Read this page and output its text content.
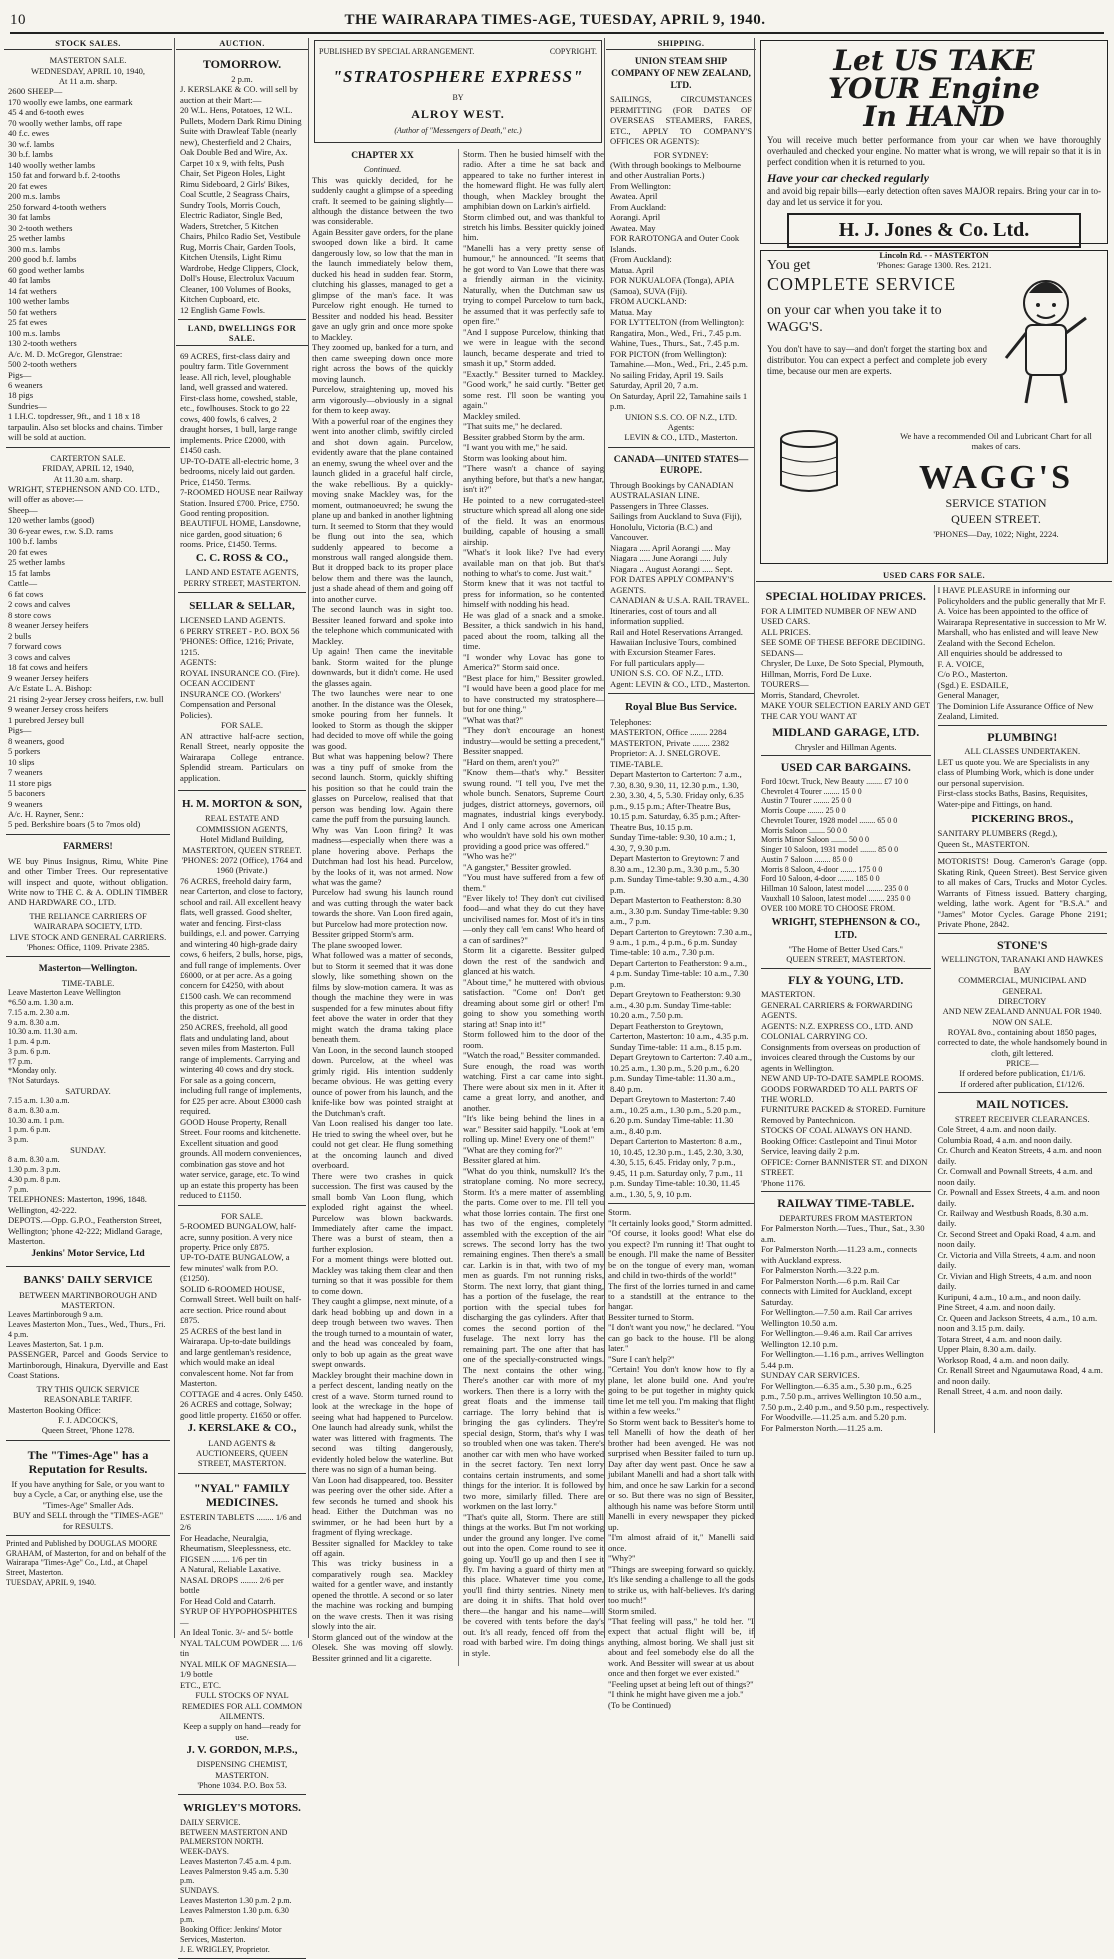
10	THE WAIRARAPA TIMES-AGE, TUESDAY, APRIL 9, 1940.
STOCK SALES.
MASTERTON SALE.
WEDNESDAY, APRIL 10, 1940,
At 11 a.m. sharp.
2600 SHEEP—
170 woolly ewe lambs, one earmark
45 4 and 6-tooth ewes
70 woolly wether lambs, off rape
40 f.c. ewes
30 w.f. lambs
30 b.f. lambs
140 woolly wether lambs
150 fat and forward b.f. 2-tooths
20 fat ewes
200 m.s. lambs
250 forward 4-tooth wethers
30 fat lambs
30 2-tooth wethers
25 wether lambs
300 m.s. lambs
200 good b.f. lambs
60 good wether lambs
40 fat lambs
14 fat wethers
100 wether lambs
50 fat wethers
25 fat ewes
100 m.s. lambs
130 2-tooth wethers
A/c. M. D. McGregor, Glenstrae:
500 2-tooth wethers
Pigs—
6 weaners
18 pigs
Sundries—
1 I.H.C. topdresser, 9ft., and 1 18 x 18 tarpaulin. Also set blocks and chains. Timber will be sold at auction.
CARTERTON SALE.
FRIDAY, APRIL 12, 1940,
At 11.30 a.m. sharp.
WRIGHT, STEPHENSON AND CO. LTD., will offer as above:—
Sheep—
120 wether lambs (good)
30 6-year ewes, r.w. S.D. rams
100 b.f. lambs
20 fat ewes
25 wether lambs
15 fat lambs
Cattle—
6 fat cows
2 cows and calves
8 store cows
8 weaner Jersey heifers
2 bulls
7 forward cows
3 cows and calves
18 fat cows and heifers
9 weaner Jersey heifers
A/c Estate L. A. Bishop:
21 rising 2-year Jersey cross heifers, r.w. bull
9 weaner Jersey cross heifers
1 purebred Jersey bull
Pigs—
8 weaners, good
5 porkers
10 slips
7 weaners
11 store pigs
5 baconers
9 weaners
A/c. H. Rayner, Senr.:
5 ped. Berkshire boars (5 to 7mos old)
FARMERS!

WE buy Pinus Insignus, Rimu, White Pine and other Timber Trees. Our representative will inspect and quote, without obligation. Write now to THE C. & A. ODLIN TIMBER AND HARDWARE CO., LTD.

THE RELIANCE CARRIERS OF WAIRARAPA SOCIETY, LTD.
LIVE STOCK AND GENERAL CARRIERS.
'Phones: Office, 1109. Private 2385.
Masterton—Wellington.
TIME-TABLE.
Leave Masterton Leave Wellington
*6.50 a.m. 1.30 a.m.
7.15 a.m. 2.30 a.m.
9 a.m. 8.30 a.m.
10.30 a.m. 11.30 a.m.
1 p.m. 4 p.m.
3 p.m. 6 p.m.
†7 p.m.
*Monday only.
†Not Saturdays.
SATURDAY.
7.15 a.m. 1.30 a.m.
8 a.m. 8.30 a.m.
10.30 a.m. 1 p.m.
1 p.m. 6 p.m.
3 p.m.
SUNDAY.
8 a.m. 8.30 a.m.
1.30 p.m. 3 p.m.
4.30 p.m. 8 p.m.
7 p.m.
TELEPHONES: Masterton, 1996, 1848. Wellington, 42-222.
DEPOTS.—Opp. G.P.O., Featherston Street, Wellington; 'phone 42-222; Midland Garage, Masterton.
Jenkins' Motor Service, Ltd
BANKS' DAILY SERVICE
BETWEEN MARTINBOROUGH AND MASTERTON.
Leaves Martinborough 9 a.m.
Leaves Masterton Mon., Tues., Wed., Thurs., Fri. 4 p.m.
Leaves Masterton, Sat. 1 p.m.

PASSENGER, Parcel and Goods Service to Martinborough, Hinakura, Dyerville and East Coast Stations.

TRY THIS QUICK SERVICE REASONABLE TARIFF.
Masterton Booking Office:
F. J. ADCOCK'S,
Queen Street, 'Phone 1278.
The "Times-Age" has a Reputation for Results.
If you have anything for Sale, or you want to buy a Cycle, a Car, or anything else, use the "Times-Age" Smaller Ads.
BUY and SELL through the "TIMES-AGE" for RESULTS.
Printed and Published by DOUGLAS MOORE GRAHAM, of Masterton, for and on behalf of the Wairarapa "Times-Age" Co., Ltd., at Chapel Street, Masterton.
TUESDAY, APRIL 9, 1940.
AUCTION.
TOMORROW.
2 p.m.
J. KERSLAKE & CO. will sell by auction at their Mart:—
20 W.L. Hens, Potatoes, 12 W.L. Pullets, Modern Dark Rimu Dining Suite with Drawleaf Table (nearly new), Chesterfield and 2 Chairs, Oak Double Bed and Wire, Ax. Carpet 10 x 9, with felts, Push Chair, Set Pigeon Holes, Light Rimu Sideboard, 2 Girls' Bikes, Coal Scuttle, 2 Seagrass Chairs, Sundry Tools, Morris Couch, Electric Radiator, Single Bed, Waders, Stretcher, 5 Kitchen Chairs, Philco Radio Set, Vestibule Rug, Morris Chair, Garden Tools, Kitchen Utensils, Light Rimu Wardrobe, Hedge Clippers, Clock, Doll's House, Electrolux Vacuum Cleaner, 100 Volumes of Books, Kitchen Cupboard, etc.
12 English Game Fowls.
LAND, DWELLINGS FOR SALE.
69 ACRES, first-class dairy and poultry farm. Title Government lease. All rich, level, ploughable land, well grassed and watered. First-class home, cowshed, stable, etc., fowlhouses. Stock to go 22 cows, 400 fowls, 6 calves, 2 draught horses, 1 bull, large range implements. Price £2000, with £1450 cash.
UP-TO-DATE all-electric home, 3 bedrooms, nicely laid out garden. Price, £1450. Terms.
7-ROOMED HOUSE near Railway Station. Insured £700. Price, £750. Good renting proposition.
BEAUTIFUL HOME, Lansdowne, nice garden, good situation; 6 rooms. Price, £1450. Terms.
C. C. ROSS & CO.,
LAND AND ESTATE AGENTS, PERRY STREET, MASTERTON.
SELLAR & SELLAR,
LICENSED LAND AGENTS.
6 PERRY STREET - P.O. BOX 56
'PHONES: Office, 1216; Private, 1215.
AGENTS:
ROYAL INSURANCE CO. (Fire).
OCEAN ACCIDENT INSURANCE CO. (Workers' Compensation and Personal Policies).
FOR SALE.

AN attractive half-acre section, Renall Street, nearly opposite the Wairarapa College entrance. Splendid stream. Particulars on application.

H. M. MORTON & SON,
REAL ESTATE AND COMMISSION AGENTS,
Hotel Midland Building, MASTERTON, QUEEN STREET.
'PHONES: 2072 (Office), 1764 and 1960 (Private.)
76 ACRES, freehold dairy farm, near Carterton, and close to factory, school and rail. All excellent heavy flats, well grassed. Good shelter, water and fencing. First-class buildings, e.l. and power. Carrying and wintering 40 high-grade dairy cows, 6 heifers, 2 bulls, horse, pigs, and full range of implements. Over £6000, or at per acre. As a going concern for £4250, with about £1500 cash. We can recommend this property as one of the best in the district.
250 ACRES, freehold, all good flats and undulating land, about seven miles from Masterton. Full range of implements. Carrying and wintering 40 cows and dry stock. For sale as a going concern, including full range of implements, for £25 per acre. About £3000 cash required.
GOOD House Property, Renall Street. Four rooms and kitchenette. Excellent situation and good grounds. All modern conveniences, combination gas stove and hot water service, garage, etc. To wind up an estate this property has been reduced to £1150.
FOR SALE.
5-ROOMED BUNGALOW, half-acre, sunny position. A very nice property. Price only £875.
UP-TO-DATE BUNGALOW, a few minutes' walk from P.O. (£1250).
SOLID 6-ROOMED HOUSE, Cornwall Street. Well built on half-acre section. Price round about £875.
25 ACRES of the best land in Wairarapa. Up-to-date buildings and large gentleman's residence, which would make an ideal convalescent home. Not far from Masterton.
COTTAGE and 4 acres. Only £450.
26 ACRES and cottage, Solway; good little property. £1650 or offer.
J. KERSLAKE & CO.,
LAND AGENTS & AUCTIONEERS, QUEEN STREET, MASTERTON.
"NYAL" FAMILY MEDICINES.
ESTERIN TABLETS ........ 1/6 and 2/6
For Headache, Neuralgia, Rheumatism, Sleeplessness, etc.
FIGSEN ........ 1/6 per tin
A Natural, Reliable Laxative.
NASAL DROPS ........ 2/6 per bottle
For Head Cold and Catarrh.
SYRUP OF HYPOPHOSPHITES—
An Ideal Tonic. 3/- and 5/- bottle
NYAL TALCUM POWDER .... 1/6 tin
NYAL MILK OF MAGNESIA—1/9 bottle
ETC., ETC.
FULL STOCKS OF NYAL REMEDIES FOR ALL COMMON AILMENTS.
Keep a supply on hand—ready for use.
J. V. GORDON, M.P.S.,
DISPENSING CHEMIST, MASTERTON.
'Phone 1034. P.O. Box 53.
WRIGLEY'S MOTORS.
DAILY SERVICE.
BETWEEN MASTERTON AND PALMERSTON NORTH.
WEEK-DAYS.
Leaves Masterton 7.45 a.m. 4 p.m.
Leaves Palmerston 9.45 a.m. 5.30 p.m.
SUNDAYS.
Leaves Masterton 1.30 p.m. 2 p.m.
Leaves Palmerston 1.30 p.m. 6.30 p.m.
Booking Office: Jenkins' Motor Services, Masterton.
J. E. WRIGLEY, Proprietor.
PUBLISHED BY SPECIAL ARRANGEMENT.	COPYRIGHT.
"STRATOSPHERE EXPRESS"
BY
ALROY WEST.
(Author of "Messengers of Death," etc.)
CHAPTER XX
Continued.

This was quickly decided, for he suddenly caught a glimpse of a speeding craft. It seemed to be gaining slightly—although the distance between the two was considerable.
Again Bessiter gave orders, for the plane swooped down like a bird. It came dangerously low, so low that the man in the launch immediately below them, ducked his head in sudden fear. Storm, clutching his glasses, managed to get a glimpse of the man's face. It was Purcelow right enough. He turned to Bessiter and nodded his head. Bessiter gave an ugly grin and once more spoke to Mackley.
They zoomed up, banked for a turn, and then came sweeping down once more right across the bows of the quickly moving launch.
Purcelow, straightening up, moved his arm vigorously—obviously in a signal for them to keep away.
With a powerful roar of the engines they went into another climb, swiftly circled and shot down again. Purcelow, evidently aware that the plane contained an enemy, swung the wheel over and the launch glided in a graceful half circle, the wake rebellious. By a quickly-moving snake Mackley was, for the moment, outmanoeuvred; he swung the plane up and banked in another lightning turn. It seemed to Storm that they would be flung out into the sea, which suddenly appeared to become a monstrous wall ranged alongside them. But it dropped back to its proper place below them and there was the launch, just a shade ahead of them and going off into another curve.
The second launch was in sight too. Bessiter leaned forward and spoke into the telephone which communicated with Mackley.
Up again! Then came the inevitable bank. Storm waited for the plunge downwards, but it didn't come. He used the glasses again.
The two launches were near to one another. In the distance was the Olesek, smoke pouring from her funnels. It looked to Storm as though the skipper had decided to move off while the going was good.
But what was happening below? There was a tiny puff of smoke from the second launch. Storm, quickly shifting his position so that he could train the glasses on Purcelow, realised that that person was bending low. Again there came the puff from the pursuing launch.
Why was Van Loon firing? It was madness—especially when there was a plane hovering above. Perhaps the Dutchman had lost his head. Purcelow, by the looks of it, was not armed. Now what was the game?
Purcelow had swung his launch round and was cutting through the water back towards the shore. Van Loon fired again, but Purcelow had more protection now.
Bessiter gripped Storm's arm.
The plane swooped lower.
What followed was a matter of seconds, but to Storm it seemed that it was done slowly, like something shown on the films by slow-motion camera. It was as though the machine they were in was suspended for a few minutes about fifty feet above the water in order that they might watch the drama taking place beneath them.
Van Loon, in the second launch stooped down. Purcelow, at the wheel was grimly rigid. His intention suddenly became obvious. He was getting every ounce of power from his launch, and the knife-like bow was pointed straight at the Dutchman's craft.
Van Loon realised his danger too late. He tried to swing the wheel over, but he could not get clear. He flung something at the oncoming launch and dived overboard.
There were two crashes in quick succession. The first was caused by the small bomb Van Loon flung, which exploded right against the wheel. Purcelow was blown backwards. Immediately after came the impact. There was a burst of steam, then a further explosion.
For a moment things were blotted out. Mackley was taking them clear and then turning so that it was possible for them to come down.
They caught a glimpse, next minute, of a dark head bobbing up and down in a deep trough between two waves. Then the trough turned to a mountain of water, and the head was concealed by foam, only to bob up again as the great wave swept onwards.
Mackley brought their machine down in a perfect descent, landing neatly on the crest of a wave. Storm turned round to look at the wreckage in the hope of seeing what had happened to Purcelow. One launch had already sunk, whilst the water was littered with fragments. The second was tilting dangerously, evidently holed below the waterline. But there was no sign of a human being.
Van Loon had disappeared, too. Bessiter was peering over the other side. After a few seconds he turned and shook his head. Either the Dutchman was no swimmer, or he had been hurt by a fragment of flying wreckage.
Bessiter signalled for Mackley to take off again.
This was tricky business in a comparatively rough sea. Mackley waited for a gentler wave, and instantly opened the throttle. A second or so later the machine was rocking and bumping on the wave crests. Then it was rising slowly into the air.
Storm glanced out of the window at the Olesek. She was moving off slowly. Bessiter grinned and lit a cigarette.

Storm. Then he busied himself with the radio. After a time he sat back and appeared to take no further interest in the homeward flight. He was fully alert though, when Mackley brought the amphibian down on Larkin's airfield.
Storm climbed out, and was thankful to stretch his limbs. Bessiter quickly joined him.
"Manelli has a very pretty sense of humour," he announced. "It seems that he got word to Van Lowe that there was a friendly airman in the vicinity. Naturally, when the Dutchman saw us trying to compel Purcelow to turn back, he assumed that it was perfectly safe to open fire."
"And I suppose Purcelow, thinking that we were in league with the second launch, became desperate and tried to smash it up," Storm added.
"Exactly." Bessiter turned to Mackley. "Good work," he said curtly. "Better get some rest. I'll soon be wanting you again."
Mackley smiled.
"That suits me," he declared.
Bessiter grabbed Storm by the arm.
"I want you with me," he said.
Storm was looking about him.
"There wasn't a chance of saying anything before, but that's a new hangar, isn't it?"
He pointed to a new corrugated-steel structure which spread all along one side of the field. It was an enormous building, capable of housing a small airship.
"What's it look like? I've had every available man on that job. But that's nothing to what's to come. Just wait."
Storm knew that it was not tactful to press for information, so he contented himself with nodding his head.
He was glad of a snack and a smoke. Bessiter, a thick sandwich in his hand, paced about the room, talking all the time.
"I wonder why Lovac has gone to America?" Storm said once.
"Best place for him," Bessiter growled. "I would have been a good place for me to have constructed my stratosphere—but for one thing."
"What was that?"
"They don't encourage an honest industry—would be setting a precedent," Bessiter snapped.
"Hard on them, aren't you?"
"Know them—that's why." Bessiter swung round. "I tell you, I've met the whole bunch. Senators, Supreme Court judges, district attorneys, governors, oil magnates, industrial kings everybody. And I only came across one American who wouldn't have sold his own mother providing a good price was offered."
"Who was he?"
"A gangster," Bessiter growled.
"You must have suffered from a few of them."
"Ever likely to! They don't cut civilised food—and what they do cut they have uncivilised names for. Most of it's in tins—only they call 'em cans! Who heard of a can of sardines?"
Storm lit a cigarette. Bessiter gulped down the rest of the sandwich and glanced at his watch.
"About time," he muttered with obvious satisfaction. "Come on! Don't get dreaming about some girl or other! I'm going to show you something worth staring at! Snap into it!"
Storm followed him to the door of the room.
"Watch the road," Bessiter commanded.
Sure enough, the road was worth watching. First a car came into sight. There were about six men in it. After it came a great lorry, and another, and another.
"It's like being behind the lines in a war." Bessiter said happily. "Look at 'em rolling up. Mine! Every one of them!"
"What are they coming for?"
Bessiter glared at him.
"What do you think, numskull? It's the stratoplane coming. No more secrecy, Storm. It's a mere matter of assembling the parts. Come over to me. I'll tell you what those lorries contain. The first one has two of the engines, completely assembled with the exception of the air screws. The second lorry has the two remaining engines. Then there's a small car. Larkin is in that, with two of my men as guards. I'm not running risks, Storm. The next lorry, that giant thing, has a portion of the fuselage, the rear portion with the special tubes for discharging the gas cylinders. After that comes the second portion of the fuselage. The next lorry has the remaining part. The one after that has one of the specially-constructed wings. The next contains the other wing. There's another car with more of my workers. Then there is a lorry with the great floats and the immense tail carriage. The lorry behind that is bringing the gas cylinders. They're special design, Storm, that's why I was so troubled when one was taken. There's another car with men who have worked in the secret factory. Ten next lorry contains certain instruments, and some things for the interior. It is followed by two more, similarly filled. There are workmen on the last lorry."
"That's quite all, Storm. There are still things at the works. But I'm not working under the ground any longer. I've come out into the open. Come round to see it going up. You'll go up and then I see it fly. I'm having a guard of thirty men at this place. Whatever time you come, you'll find thirty sentries. Ninety men are doing it in shifts. That hold over there—the hangar and his name—will be covered with tents before the day's out. It's all ready, fenced off from the road with barbed wire. I'm doing things in style.

SHIPPING.
UNION STEAM SHIP COMPANY OF NEW ZEALAND, LTD.

SAILINGS, CIRCUMSTANCES PERMITTING (FOR DATES OF OVERSEAS STEAMERS, FARES, ETC., APPLY TO COMPANY'S OFFICES OR AGENTS):

FOR SYDNEY:
(With through bookings to Melbourne and other Australian Ports.)
From Wellington:
Awatea. April
From Auckland:
Aorangi. April
Awatea. May
FOR RAROTONGA and Outer Cook Islands.
(From Auckland):
Matua. April
FOR NUKUALOFA (Tonga), APIA (Samoa), SUVA (Fiji).
FROM AUCKLAND:
Matua. May
FOR LYTTELTON (from Wellington): Rangatira, Mon., Wed., Fri., 7.45 p.m. Wahine, Tues., Thurs., Sat., 7.45 p.m.
FOR PICTON (from Wellington): Tamahine.—Mon., Wed., Fri., 2.45 p.m. No sailing Friday, April 19. Sails Saturday, April 20, 7 a.m.
On Saturday, April 22, Tamahine sails 1 p.m.
UNION S.S. CO. OF N.Z., LTD.
Agents:
LEVIN & CO., LTD., Masterton.
CANADA—UNITED STATES—EUROPE.
Through Bookings by CANADIAN AUSTRALASIAN LINE.
Passengers in Three Classes.
Sailings from Auckland to Suva (Fiji), Honolulu, Victoria (B.C.) and Vancouver.
Niagara ..... April Aorangi ..... May
Niagara ..... June Aorangi ..... July
Niagara .. August Aorangi ..... Sept.
FOR DATES APPLY COMPANY'S AGENTS.
CANADIAN & U.S.A. RAIL TRAVEL. Itineraries, cost of tours and all information supplied.
Rail and Hotel Reservations Arranged. Hawaiian Inclusive Tours, combined with Excursion Steamer Fares.
For full particulars apply—
UNION S.S. CO. OF N.Z., LTD.
Agent: LEVIN & CO., LTD., Masterton.
Royal Blue Bus Service.
Telephones:
MASTERTON, Office ........ 2284
MASTERTON, Private ........ 2382
Proprietor: A. J. SNELGROVE.
TIME-TABLE.
Depart Masterton to Carterton: 7 a.m., 7.30, 8.30, 9.30, 11, 12.30 p.m., 1.30, 2.30, 3.30, 4, 5, 5.30. Friday only, 6.35 p.m., 9.15 p.m.; After-Theatre Bus, 10.15 p.m. Saturday, 6.35 p.m.; After-Theatre Bus, 10.15 p.m.
Sunday Time-table: 9.30, 10 a.m.; 1, 4.30, 7, 9.30 p.m.
Depart Masterton to Greytown: 7 and 8.30 a.m., 12.30 p.m., 3.30 p.m., 5.30 p.m. Sunday Time-table: 9.30 a.m., 4.30 p.m.
Depart Masterton to Featherston: 8.30 a.m., 3.30 p.m. Sunday Time-table: 9.30 a.m., 7 p.m.
Depart Carterton to Greytown: 7.30 a.m., 9 a.m., 1 p.m., 4 p.m., 6 p.m. Sunday Time-table: 10 a.m., 7.30 p.m.
Depart Carterton to Featherston: 9 a.m., 4 p.m. Sunday Time-table: 10 a.m., 7.30 p.m.
Depart Greytown to Featherston: 9.30 a.m., 4.30 p.m. Sunday Time-table: 10.20 a.m., 7.50 p.m.
Depart Featherston to Greytown, Carterton, Masterton: 10 a.m., 4.35 p.m. Sunday Time-table: 11 a.m., 8.15 p.m.
Depart Greytown to Carterton: 7.40 a.m., 10.25 a.m., 1.30 p.m., 5.20 p.m., 6.20 p.m. Sunday Time-table: 11.30 a.m., 8.40 p.m.
Depart Greytown to Masterton: 7.40 a.m., 10.25 a.m., 1.30 p.m., 5.20 p.m., 6.20 p.m. Sunday Time-table: 11.30 a.m., 8.40 p.m.
Depart Carterton to Masterton: 8 a.m., 10, 10.45, 12.30 p.m., 1.45, 2.30, 3.30, 4.30, 5.15, 6.45. Friday only, 7 p.m., 9.45, 11 p.m. Saturday only, 7 p.m., 11 p.m. Sunday Time-table: 10.30, 11.45 a.m., 1.30, 5, 9, 10 p.m.

Storm.
"It certainly looks good," Storm admitted.
"Of course, it looks good! What else do you expect? I'm running it! That ought to be enough. I'll make the name of Bessiter be on the tongue of every man, woman and child in two-thirds of the world!"
The first of the lorries turned in and came to a standstill at the entrance to the hangar.
Bessiter turned to Storm.
"I don't want you now," he declared. "You can go back to the house. I'll be along later."
"Sure I can't help?"
"Certain! You don't know how to fly a plane, let alone build one. And you're going to be put together in mighty quick time let me tell you. I'm making that flight within a few weeks."
So Storm went back to Bessiter's home to tell Manelli of how the death of her brother had been avenged. He was not surprised when Bessiter failed to turn up. Day after day went past. Once he saw a jubilant Manelli and had a short talk with him, and once he saw Larkin for a second or so. But there was no sign of Bessiter, although his name was before Storm until Manelli in every newspaper they picked up.
"I'm almost afraid of it," Manelli said once.
"Why?"
"Things are sweeping forward so quickly. It's like sending a challenge to all the gods to strike us, with half-believes. It's daring too much!"
Storm smiled.
"That feeling will pass," he told her. "I expect that actual flight will be, if anything, almost boring. We shall just sit about and feel somebody else do all the work. And Bessiter will swear at us about once and then forget we ever existed."
"Feeling upset at being left out of things?"
"I think he might have given me a job."
(To be Continued)

Let US TAKE
YOUR Engine
In HAND

You will receive much better performance from your car when we have thoroughly overhauled and checked your engine. No matter what is wrong, we will repair so that it is in perfect condition when it is returned to you.

Have your car checked regularly

and avoid big repair bills—early detection often saves MAJOR repairs. Bring your car in to-day and let us service it for you.

H. J. Jones & Co. Ltd.
Lincoln Rd. - - MASTERTON
'Phones: Garage 1300. Res. 2121.
You get
COMPLETE SERVICE
on your car when you take it to WAGG'S.

You don't have to say—and don't forget the starting box and distributor. You can expect a perfect and complete job every time, because our men are experts.

We have a recommended Oil and Lubricant Chart for all makes of cars.
WAGG'S
SERVICE STATION
QUEEN STREET.
'PHONES—Day, 1022; Night, 2224.
USED CARS FOR SALE.
SPECIAL HOLIDAY PRICES.
FOR A LIMITED NUMBER OF NEW AND USED CARS.
ALL PRICES.
SEE SOME OF THESE BEFORE DECIDING.
SEDANS—
Chrysler, De Luxe, De Soto Special, Plymouth, Hillman, Morris, Ford De Luxe.
TOURERS—
Morris, Standard, Chevrolet.
MAKE YOUR SELECTION EARLY AND GET THE CAR YOU WANT AT
MIDLAND GARAGE, LTD.
Chrysler and Hillman Agents.
USED CAR BARGAINS.
Ford 10cwt. Truck, New Beauty ........ £7 10 0
Chevrolet 4 Tourer ........ 15 0 0
Austin 7 Tourer ........ 25 0 0
Morris Coupe ........ 25 0 0
Chevrolet Tourer, 1928 model ........ 65 0 0
Morris Saloon ........ 50 0 0
Morris Minor Saloon ........ 50 0 0
Singer 10 Saloon, 1931 model ........ 85 0 0
Austin 7 Saloon ........ 85 0 0
Morris 8 Saloon, 4-door ........ 175 0 0
Ford 10 Saloon, 4-door ........ 185 0 0
Hillman 10 Saloon, latest model ........ 235 0 0
Vauxhall 10 Saloon, latest model ........ 235 0 0
OVER 100 MORE TO CHOOSE FROM.
WRIGHT, STEPHENSON & CO., LTD.
"The Home of Better Used Cars."
QUEEN STREET, MASTERTON.
FLY & YOUNG, LTD.
MASTERTON.
GENERAL CARRIERS & FORWARDING AGENTS.
AGENTS: N.Z. EXPRESS CO., LTD. AND COLONIAL CARRYING CO.
Consignments from overseas on production of invoices cleared through the Customs by our agents in Wellington.
NEW AND UP-TO-DATE SAMPLE ROOMS.
GOODS FORWARDED TO ALL PARTS OF THE WORLD.
FURNITURE PACKED & STORED. Furniture Removed by Pantechnicon.
STOCKS OF COAL ALWAYS ON HAND.
Booking Office: Castlepoint and Tinui Motor Service, leaving daily 2 p.m.
OFFICE: Corner BANNISTER ST. and DIXON STREET.
'Phone 1176.
RAILWAY TIME-TABLE.
DEPARTURES FROM MASTERTON
For Palmerston North.—Tues., Thur., Sat., 3.30 a.m.
For Palmerston North.—11.23 a.m., connects with Auckland express.
For Palmerston North.—3.22 p.m.
For Palmerston North.—6 p.m. Rail Car connects with Limited for Auckland, except Saturday.
For Wellington.—7.50 a.m. Rail Car arrives Wellington 10.50 a.m.
For Wellington.—9.46 a.m. Rail Car arrives Wellington 12.10 p.m.
For Wellington.—1.16 p.m., arrives Wellington 5.44 p.m.
SUNDAY CAR SERVICES.
For Wellington.—6.35 a.m., 5.30 p.m., 6.25 p.m., 7.50 p.m., arrives Wellington 10.50 a.m., 7.50 p.m., 2.40 p.m., and 9.50 p.m., respectively.
For Woodville.—11.25 a.m. and 5.20 p.m.
For Palmerston North.—11.25 a.m.
I HAVE PLEASURE in informing our Policyholders and the public generally that Mr F. A. Voice has been appointed to the office of Wairarapa Representative in succession to Mr W. Marshall, who has enlisted and will leave New Zealand with the Second Echelon.
All enquiries should be addressed to
F. A. VOICE,
C/o P.O., Masterton.
(Sgd.) E. ESDAILE,
General Manager,
The Dominion Life Assurance Office of New Zealand, Limited.
PLUMBING!
ALL CLASSES UNDERTAKEN.
LET us quote you. We are Specialists in any class of Plumbing Work, which is done under our personal supervision.
First-class stocks Baths, Basins, Requisites, Water-pipe and Fittings, on hand.
PICKERING BROS.,
SANITARY PLUMBERS (Regd.),
Queen St., MASTERTON.

MOTORISTS! Doug. Cameron's Garage (opp. Skating Rink, Queen Street). Best Service given to all makes of Cars, Trucks and Motor Cycles. Warrants of Fitness issued. Battery charging, welding, lathe work. Agent for "B.S.A." and "James" Motor Cycles. Garage Phone 2191; Private Phone, 2842.

STONE'S
WELLINGTON, TARANAKI AND HAWKES BAY
COMMERCIAL, MUNICIPAL AND GENERAL
DIRECTORY
AND NEW ZEALAND ANNUAL FOR 1940.
NOW ON SALE.
ROYAL 8vo., containing about 1850 pages, corrected to date, the whole handsomely bound in cloth, gilt lettered.
PRICE—
If ordered before publication, £1/1/6.
If ordered after publication, £1/12/6.
MAIL NOTICES.
STREET RECEIVER CLEARANCES.
Cole Street, 4 a.m. and noon daily.
Columbia Road, 4 a.m. and noon daily.
Cr. Church and Keaton Streets, 4 a.m. and noon daily.
Cr. Cornwall and Pownall Streets, 4 a.m. and noon daily.
Cr. Pownall and Essex Streets, 4 a.m. and noon daily.
Cr. Railway and Westbush Roads, 8.30 a.m. daily.
Cr. Second Street and Opaki Road, 4 a.m. and noon daily.
Cr. Victoria and Villa Streets, 4 a.m. and noon daily.
Cr. Vivian and High Streets, 4 a.m. and noon daily.
Kuripuni, 4 a.m., 10 a.m., and noon daily.
Pine Street, 4 a.m. and noon daily.
Cr. Queen and Jackson Streets, 4 a.m., 10 a.m. noon and 3.15 p.m. daily.
Totara Street, 4 a.m. and noon daily.
Upper Plain, 8.30 a.m. daily.
Worksop Road, 4 a.m. and noon daily.
Cr. Renall Street and Ngaumutawa Road, 4 a.m. and noon daily.
Renall Street, 4 a.m. and noon daily.
